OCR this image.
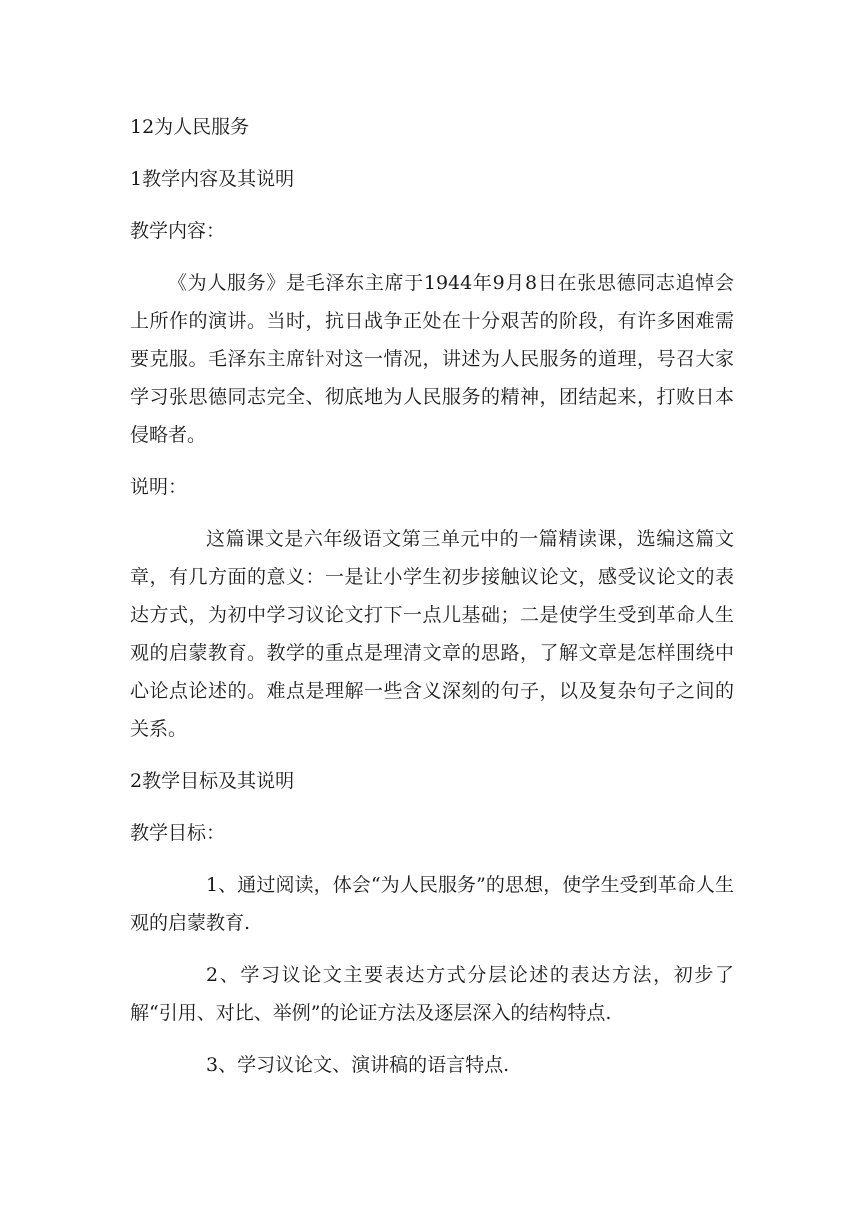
12为人民服务
1教学内容及其说明
教学内容：

《为人服务》是毛泽东主席于1944年9月8日在张思德同志追悼会上所作的演讲。当时，抗日战争正处在十分艰苦的阶段，有许多困难需要克服。毛泽东主席针对这一情况，讲述为人民服务的道理，号召大家学习张思德同志完全、彻底地为人民服务的精神，团结起来，打败日本侵略者。

说明：

这篇课文是六年级语文第三单元中的一篇精读课，选编这篇文章，有几方面的意义：一是让小学生初步接触议论文，感受议论文的表达方式，为初中学习议论文打下一点儿基础；二是使学生受到革命人生观的启蒙教育。教学的重点是理清文章的思路，了解文章是怎样围绕中心论点论述的。难点是理解一些含义深刻的句子，以及复杂句子之间的关系。

2教学目标及其说明
教学目标：

1、通过阅读，体会“为人民服务”的思想，使学生受到革命人生观的启蒙教育.

2、学习议论文主要表达方式分层论述的表达方法，初步了解“引用、对比、举例”的论证方法及逐层深入的结构特点.

3、学习议论文、演讲稿的语言特点.
